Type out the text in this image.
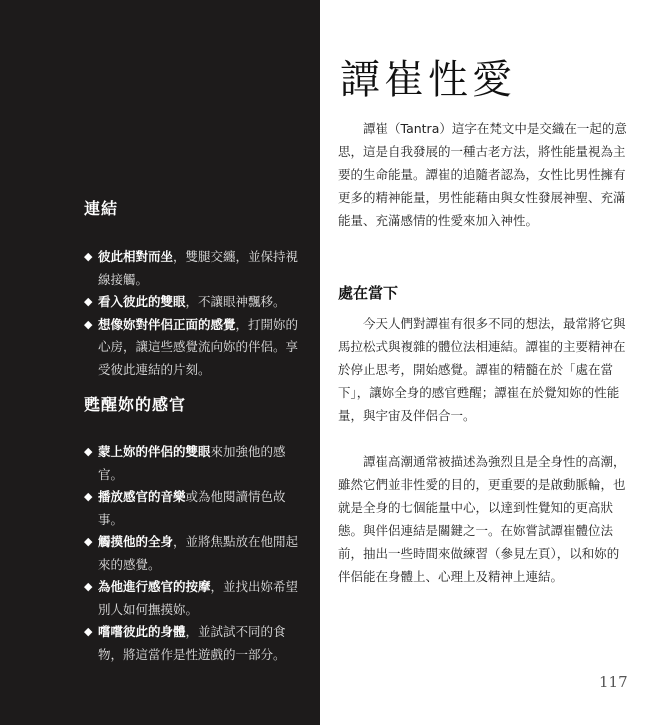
連結
◆ 彼此相對而坐，雙腿交纏，並保持視線接觸。
◆ 看入彼此的雙眼，不讓眼神飄移。
◆ 想像妳對伴侶正面的感覺，打開妳的心房，讓這些感覺流向妳的伴侶。享受彼此連結的片刻。
甦醒妳的感官
◆ 蒙上妳的伴侶的雙眼來加強他的感官。
◆ 播放感官的音樂或為他閱讀情色故事。
◆ 觸摸他的全身，並將焦點放在他閒起來的感覺。
◆ 為他進行感官的按摩，並找出妳希望別人如何撫摸妳。
◆ 嚐嚐彼此的身體，並試試不同的食物，將這當作是性遊戲的一部分。
譚崔性愛

譚崔（Tantra）這字在梵文中是交織在一起的意思，這是自我發展的一種古老方法，將性能量視為主要的生命能量。譚崔的追隨者認為，女性比男性擁有更多的精神能量，男性能藉由與女性發展神聖、充滿能量、充滿感情的性愛來加入神性。

處在當下

今天人們對譚崔有很多不同的想法，最常將它與馬拉松式與複雜的體位法相連結。譚崔的主要精神在於停止思考，開始感覺。譚崔的精髓在於「處在當下」，讓妳全身的感官甦醒；譚崔在於覺知妳的性能量，與宇宙及伴侶合一。

譚崔高潮通常被描述為強烈且是全身性的高潮，雖然它們並非性愛的目的，更重要的是啟動脈輪，也就是全身的七個能量中心，以達到性覺知的更高狀態。與伴侶連結是關鍵之一。在妳嘗試譚崔體位法前，抽出一些時間來做練習（參見左頁），以和妳的伴侶能在身體上、心理上及精神上連結。

117
